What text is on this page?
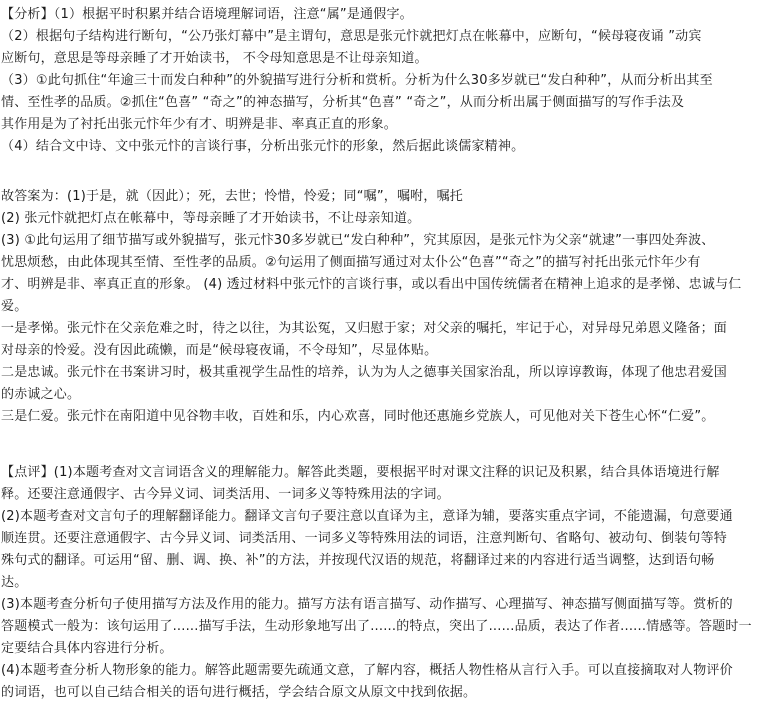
【分析】（1）根据平时积累并结合语境理解词语，注意“属”是通假字。
（2）根据句子结构进行断句，“公乃张灯幕中”是主谓句，意思是张元忭就把灯点在帐幕中，应断句，“候母寝夜诵 ”动宾
应断句，意思是等母亲睡了才开始读书， 不令母知意思是不让母亲知道。
（3）①此句抓住“年逾三十而发白种种”的外貌描写进行分析和赏析。分析为什么30多岁就已“发白种种”，从而分析出其至
情、至性孝的品质。②抓住“色喜” “奇之”的神态描写，分析其“色喜” “奇之”，从而分析出属于侧面描写的写作手法及
其作用是为了衬托出张元忭年少有才、明辨是非、率真正直的形象。
（4）结合文中诗、文中张元忭的言谈行事，分析出张元忭的形象，然后据此谈儒家精神。
故答案为：(1)于是，就（因此）；死，去世；怜惜，怜爱；同“嘱”，嘱咐，嘱托
(2) 张元忭就把灯点在帐幕中，等母亲睡了才开始读书，不让母亲知道。
(3) ①此句运用了细节描写或外貌描写，张元忭30多岁就已“发白种种”，究其原因，是张元忭为父亲“就逮”一事四处奔波、
忧思烦愁，由此体现其至情、至性孝的品质。②句运用了侧面描写通过对太仆公“色喜”“奇之”的描写衬托出张元忭年少有
才、明辨是非、率真正直的形象。 (4) 透过材料中张元忭的言谈行事，或以看出中国传统儒者在精神上追求的是孝悌、忠诚与仁
爱。
一是孝悌。张元忭在父亲危难之时，待之以往，为其讼冤，又归慰于家；对父亲的嘱托，牢记于心，对异母兄弟恩义隆备；面
对母亲的怜爱。没有因此疏懒，而是“候母寝夜诵，不令母知”，尽显体贴。
二是忠诚。张元忭在书案讲习时，极其重视学生品性的培养，认为为人之德事关国家治乱，所以谆谆教诲，体现了他忠君爱国
的赤诚之心。
三是仁爱。张元忭在南阳道中见谷物丰收，百姓和乐，内心欢喜，同时他还惠施乡党族人，可见他对关下苍生心怀“仁爱”。
【点评】(1)本题考查对文言词语含义的理解能力。解答此类题，要根据平时对课文注释的识记及积累，结合具体语境进行解
释。还要注意通假字、古今异义词、词类活用、一词多义等特殊用法的字词。
(2)本题考查对文言句子的理解翻译能力。翻译文言句子要注意以直译为主，意译为辅，要落实重点字词，不能遗漏，句意要通
顺连贯。还要注意通假字、古今异义词、词类活用、一词多义等特殊用法的词语，注意判断句、省略句、被动句、倒装句等特
殊句式的翻译。可运用“留、删、调、换、补”的方法，并按现代汉语的规范，将翻译过来的内容进行适当调整，达到语句畅
达。
(3)本题考查分析句子使用描写方法及作用的能力。描写方法有语言描写、动作描写、心理描写、神态描写侧面描写等。赏析的
答题模式一般为：该句运用了......描写手法，生动形象地写出了......的特点，突出了......品质，表达了作者......情感等。答题时一
定要结合具体内容进行分析。
(4)本题考查分析人物形象的能力。解答此题需要先疏通文意，了解内容，概括人物性格从言行入手。可以直接摘取对人物评价
的词语，也可以自己结合相关的语句进行概括，学会结合原文从原文中找到依据。
